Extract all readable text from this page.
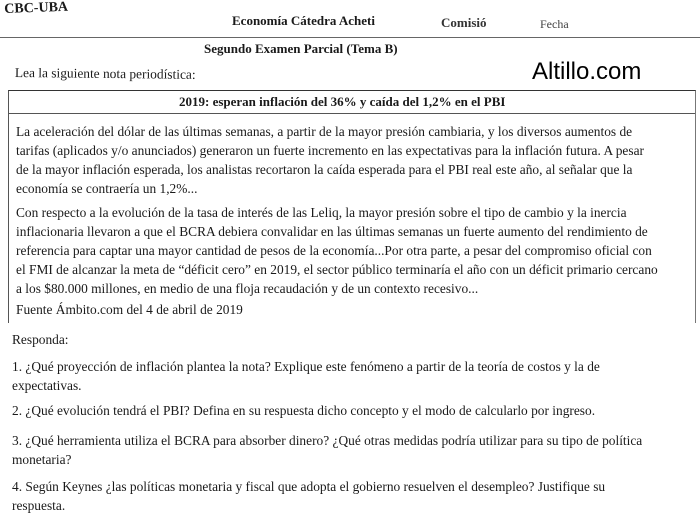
CBC-UBA
Economía Cátedra Acheti	Comisió	Fecha
Segundo Examen Parcial (Tema B)
Altillo.com
Lea la siguiente nota periodística:
2019: esperan inflación del 36% y caída del 1,2% en el PBI
La aceleración del dólar de las últimas semanas, a partir de la mayor presión cambiaria, y los diversos aumentos de
tarifas (aplicados y/o anunciados) generaron un fuerte incremento en las expectativas para la inflación futura. A pesar
de la mayor inflación esperada, los analistas recortaron la caída esperada para el PBI real este año, al señalar que la
economía se contraería un 1,2%...
Con respecto a la evolución de la tasa de interés de las Leliq, la mayor presión sobre el tipo de cambio y la inercia
inflacionaria llevaron a que el BCRA debiera convalidar en las últimas semanas un fuerte aumento del rendimiento de
referencia para captar una mayor cantidad de pesos de la economía...Por otra parte, a pesar del compromiso oficial con
el FMI de alcanzar la meta de “déficit cero” en 2019, el sector público terminaría el año con un déficit primario cercano
a los $80.000 millones, en medio de una floja recaudación y de un contexto recesivo...
Fuente Ámbito.com del 4 de abril de 2019
Responda:
1. ¿Qué proyección de inflación plantea la nota? Explique este fenómeno a partir de la teoría de costos y la de
expectativas.
2. ¿Qué evolución tendrá el PBI? Defina en su respuesta dicho concepto y el modo de calcularlo por ingreso.
3. ¿Qué herramienta utiliza el BCRA para absorber dinero? ¿Qué otras medidas podría utilizar para su tipo de política
monetaria?
4. Según Keynes ¿las políticas monetaria y fiscal que adopta el gobierno resuelven el desempleo? Justifique su
respuesta.
